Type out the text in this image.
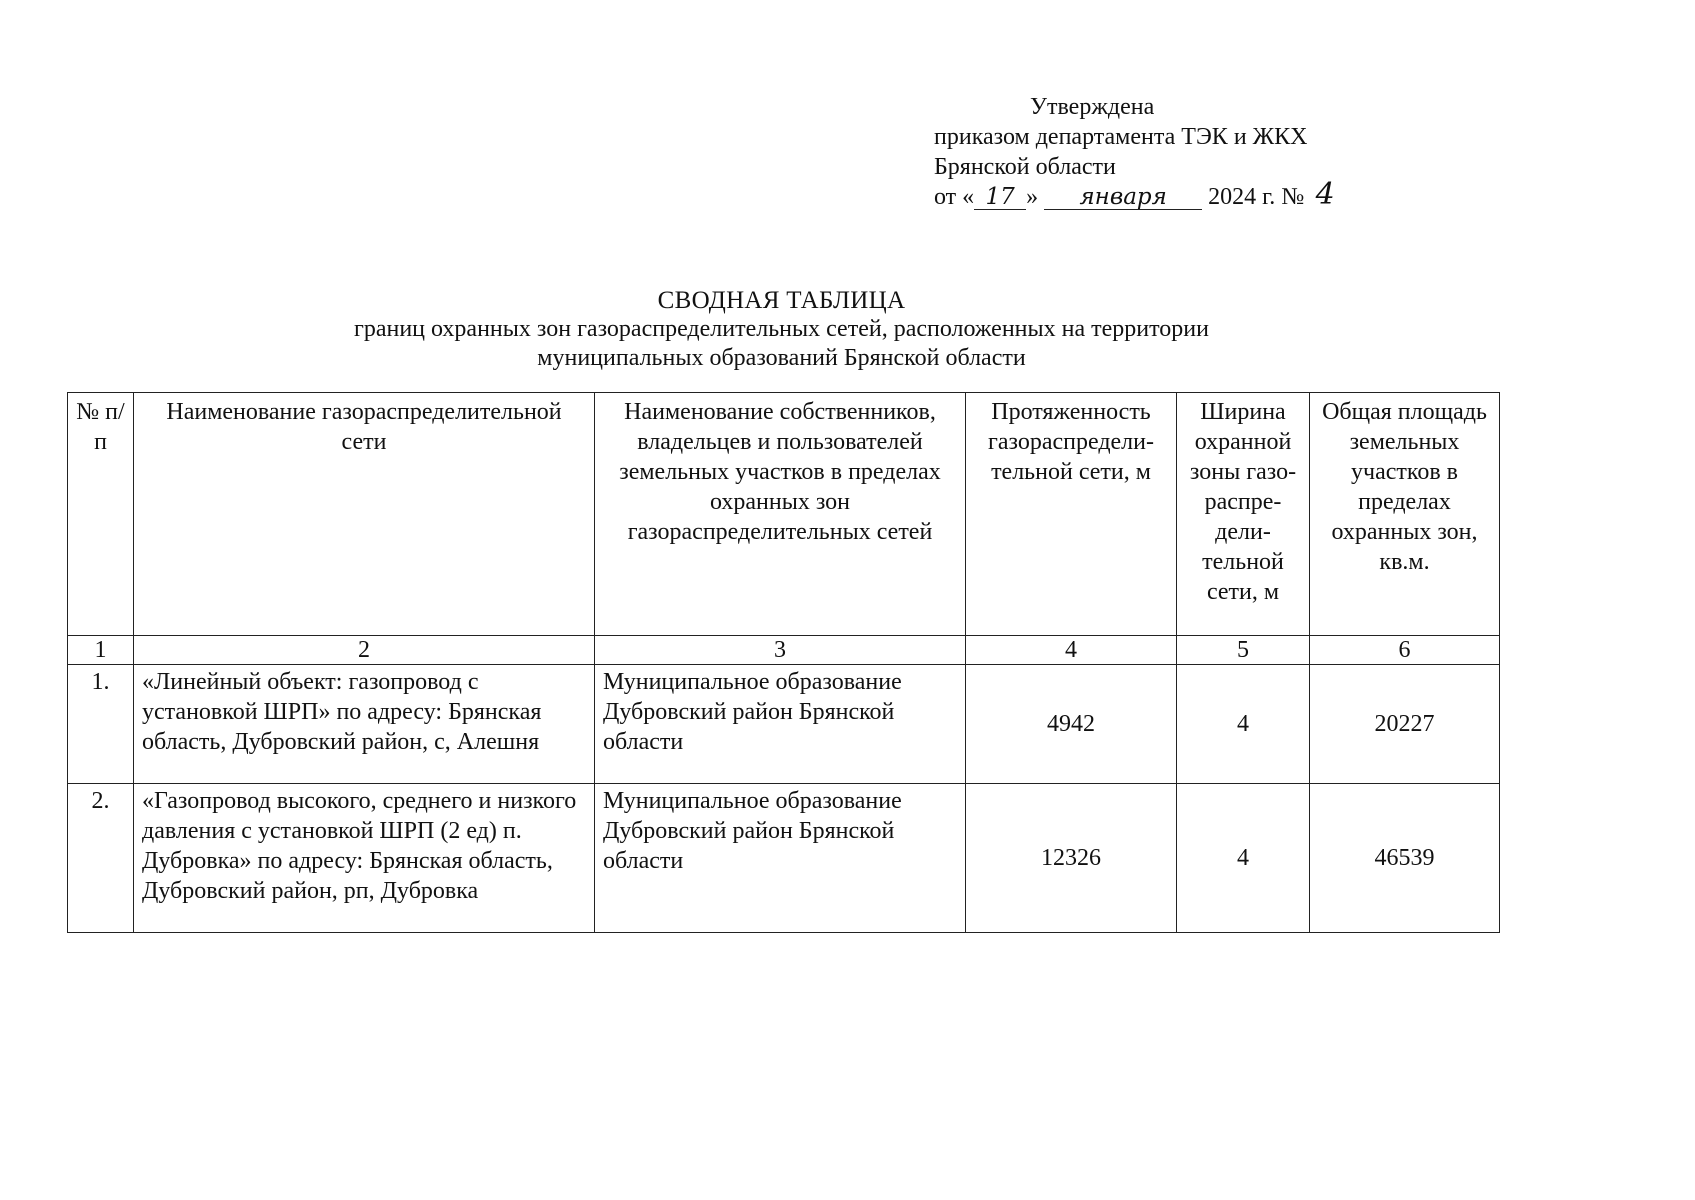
Утверждена
приказом департамента ТЭК и ЖКХ
Брянской области
от « 17 » января 2024 г. № 4
СВОДНАЯ ТАБЛИЦА
границ охранных зон газораспределительных сетей, расположенных на территории
муниципальных образований Брянской области
№ п/п	Наименование газораспределительной сети	Наименование собственников, владельцев и пользователей земельных участков в пределах охранных зон газораспределительных сетей	Протяженность газораспредели-тельной сети, м	Ширина охранной зоны газо-распре-дели-тельной сети, м	Общая площадь земельных участков в пределах охранных зон, кв.м.
1	2	3	4	5	6
1.	«Линейный объект: газопровод с установкой ШРП» по адресу: Брянская область, Дубровский район, с, Алешня	Муниципальное образование Дубровский район Брянской области	4942	4	20227
2.	«Газопровод высокого, среднего и низкого давления с установкой ШРП (2 ед) п. Дубровка» по адресу: Брянская область, Дубровский район, рп, Дубровка	Муниципальное образование Дубровский район Брянской области	12326	4	46539
